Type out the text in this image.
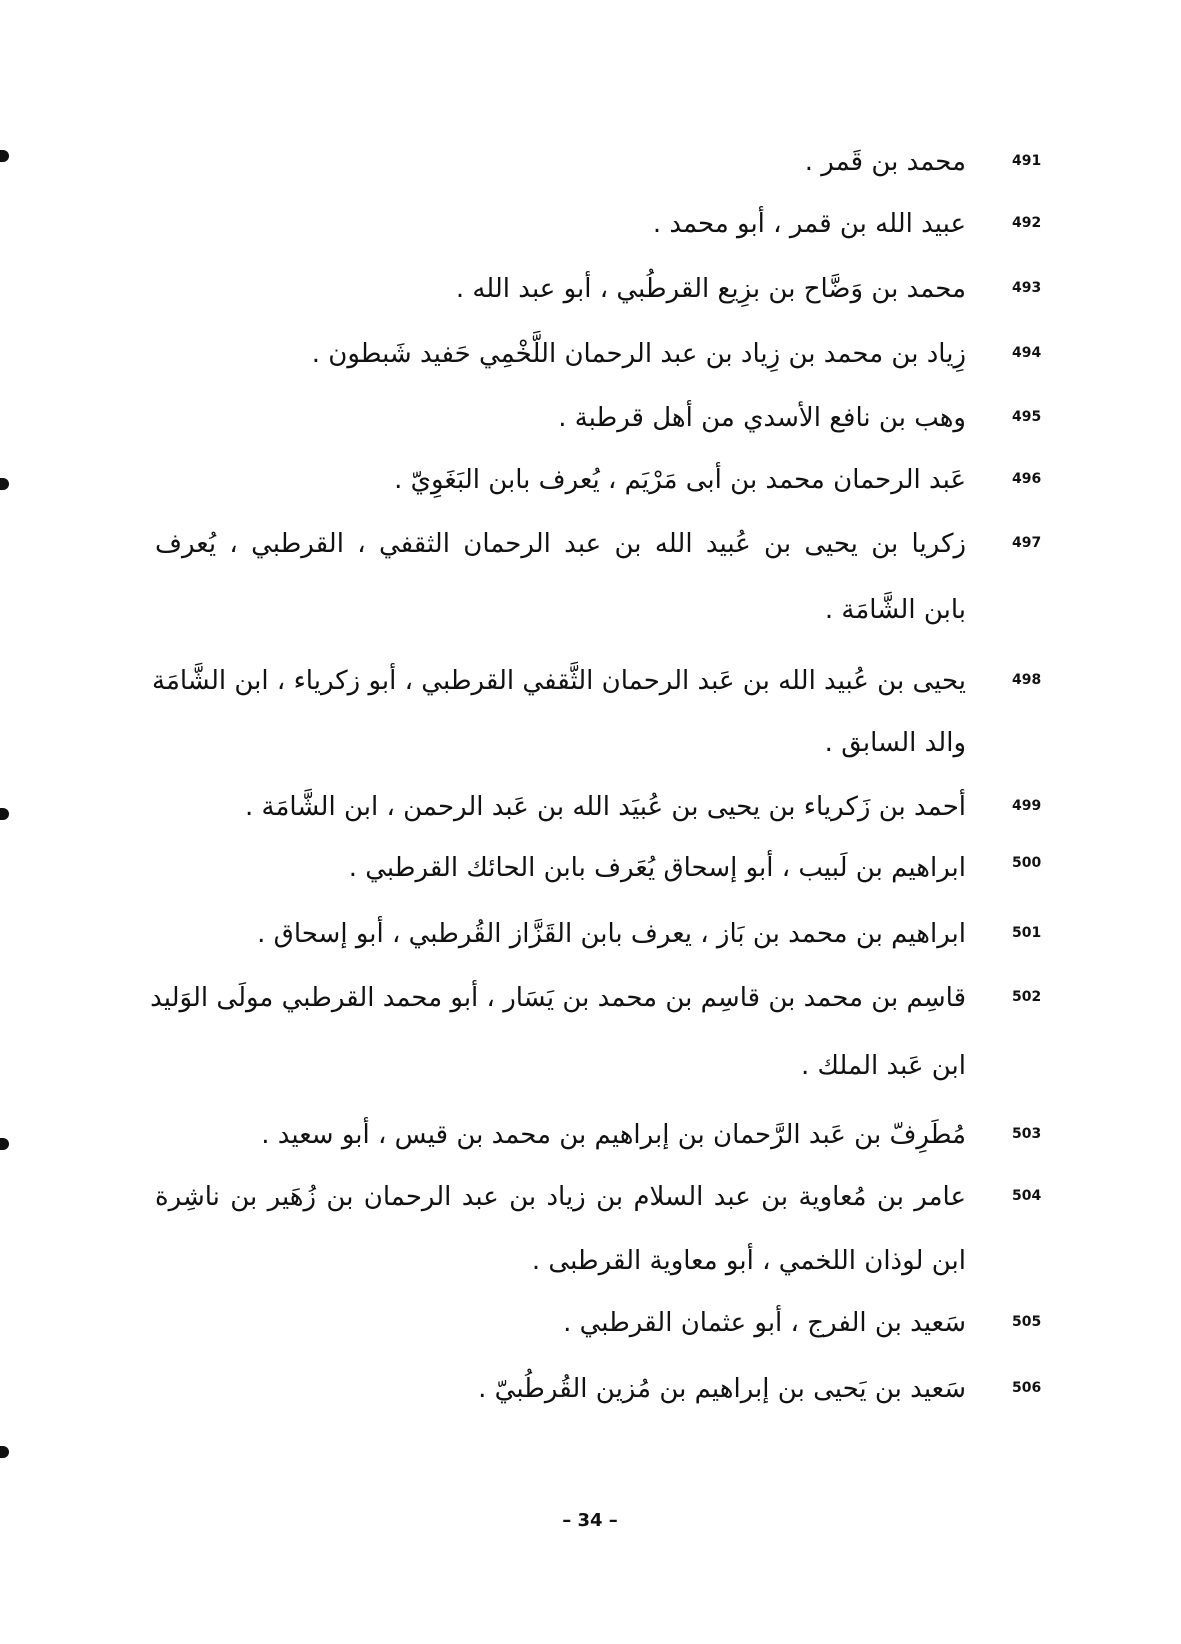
491
محمد بن قَمر .
492
عبيد الله بن قمر ، أبو محمد .
493
محمد بن وَضَّاح بن بزِيع القرطُبي ، أبو عبد الله .
494
زِياد بن محمد بن زِياد بن عبد الرحمان اللَّخْمِي حَفيد شَبطون .
495
وهب بن نافع الأسدي من أهل قرطبة .
496
عَبد الرحمان محمد بن أبى مَرْيَم ، يُعرف بابن البَغَوِيّ .
497
زكريا بن يحيى بن عُبيد الله بن عبد الرحمان الثقفي ، القرطبي ، يُعرف
بابن الشَّامَة .
498
يحيى بن عُبيد الله بن عَبد الرحمان الثَّقفي القرطبي ، أبو زكرياء ، ابن الشَّامَة
والد السابق .
499
أحمد بن زَكرياء بن يحيى بن عُبيَد الله بن عَبد الرحمن ، ابن الشَّامَة .
500
ابراهيم بن لَبيب ، أبو إسحاق يُعَرف بابن الحائك القرطبي .
501
ابراهيم بن محمد بن بَاز ، يعرف بابن القَزَّاز القُرطبي ، أبو إسحاق .
502
قاسِم بن محمد بن قاسِم بن محمد بن يَسَار ، أبو محمد القرطبي مولَى الوَليد
ابن عَبد الملك .
503
مُطَرِفّ بن عَبد الرَّحمان بن إبراهيم بن محمد بن قيس ، أبو سعيد .
504
عامر بن مُعاوية بن عبد السلام بن زياد بن عبد الرحمان بن زُهَير بن ناشِرة
ابن لوذان اللخمي ، أبو معاوية القرطبى .
505
سَعيد بن الفرج ، أبو عثمان القرطبي .
506
سَعيد بن يَحيى بن إبراهيم بن مُزين القُرطُبيّ .
– 34 –
